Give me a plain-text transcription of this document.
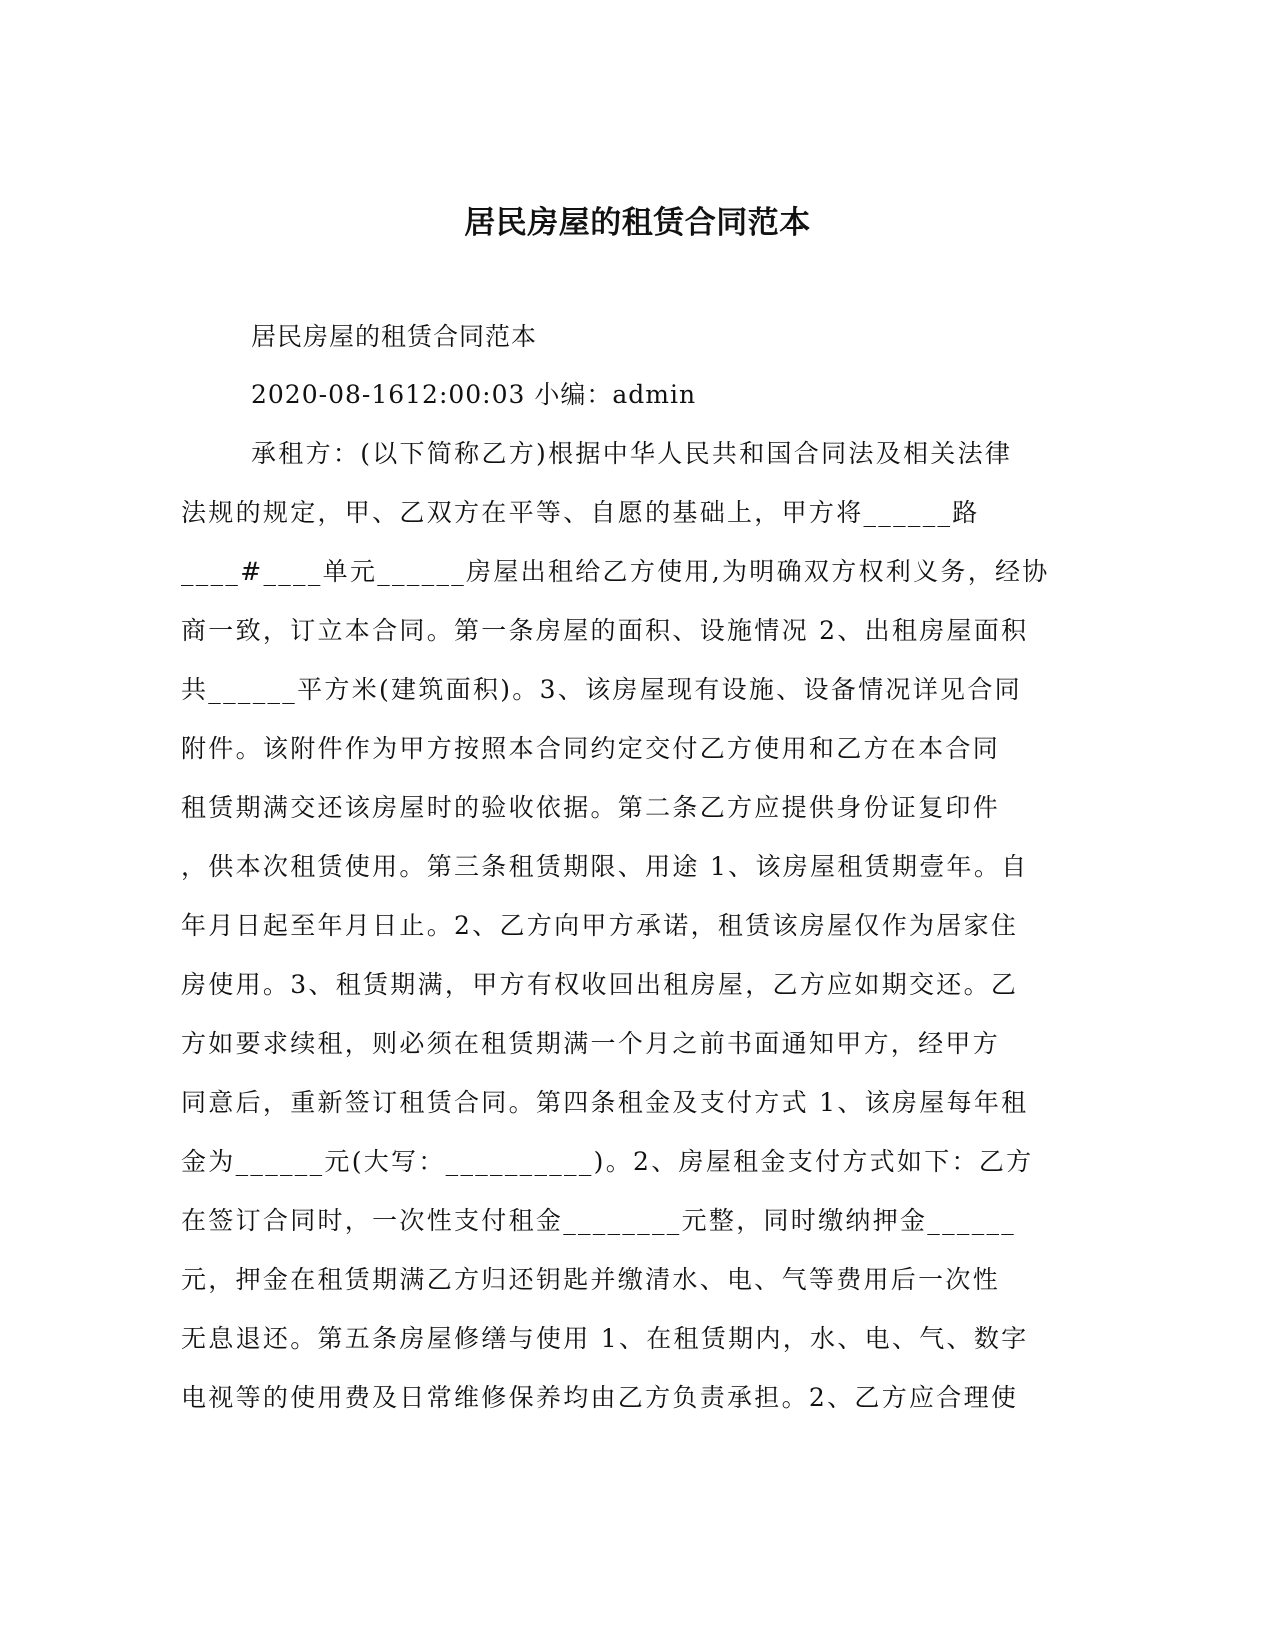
居民房屋的租赁合同范本
居民房屋的租赁合同范本
2020-08-1612:00:03 小编：admin
承租方：(以下简称乙方)根据中华人民共和国合同法及相关法律
法规的规定，甲、乙双方在平等、自愿的基础上，甲方将______路
____#____单元______房屋出租给乙方使用,为明确双方权利义务，经协
商一致，订立本合同。第一条房屋的面积、设施情况 2、出租房屋面积
共______平方米(建筑面积)。3、该房屋现有设施、设备情况详见合同
附件。该附件作为甲方按照本合同约定交付乙方使用和乙方在本合同
租赁期满交还该房屋时的验收依据。第二条乙方应提供身份证复印件
，供本次租赁使用。第三条租赁期限、用途 1、该房屋租赁期壹年。自
年月日起至年月日止。2、乙方向甲方承诺，租赁该房屋仅作为居家住
房使用。3、租赁期满，甲方有权收回出租房屋，乙方应如期交还。乙
方如要求续租，则必须在租赁期满一个月之前书面通知甲方，经甲方
同意后，重新签订租赁合同。第四条租金及支付方式 1、该房屋每年租
金为______元(大写：__________)。2、房屋租金支付方式如下：乙方
在签订合同时，一次性支付租金________元整，同时缴纳押金______
元，押金在租赁期满乙方归还钥匙并缴清水、电、气等费用后一次性
无息退还。第五条房屋修缮与使用 1、在租赁期内，水、电、气、数字
电视等的使用费及日常维修保养均由乙方负责承担。2、乙方应合理使
